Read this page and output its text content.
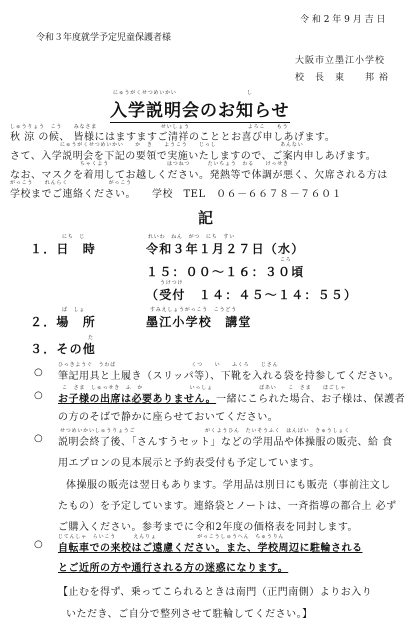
令 和 2 年 9 月 吉 日
令和３年度就学予定児童保護者様
大阪市立墨江小学校
校　長　東　　邦 裕
にゅうがくせつめいかい	し
入学説明会のお知らせ
しゅうりょう　こう　　みなさま　　　　　　　　　　　せいしょう　　　　　　　　　　よろこ　　もう
秋 涼 の候、 皆様にはますますご清祥のこととお喜び申しあげます。
にゅうがくせつめいかい　　か　き　　ようこう　　じっし　　　　　　　　　　　あんない
さて、入学説明会を下記の要領で実施いたしますので、ご案内申しあげます。
ちゃくよう　　　　　　　　　　はつねつ　　　たいちょう　わる　　けっせき
なお、マスクを着用してお越しください。発熱等で体調が悪く、欠席される方は
がっこう　　れんらく　　　　　　　がっこう
学校までご連絡ください。　　学校　TEL　０６－６６７８－７６０１
記
にち　じ
１．日　時
れいわ　ねん　がつ　にち　すい
令和３年１月２７日（水）
ころ
１５：００～１６：３０頃
うけつけ
（受付　１４：４５～１４：５５）
ば　しょ
２．場　所
すみえしょうがっこう　こうどう
墨江小学校　講堂
た
３．その他
ひっきようぐ　うわば　　　　　　　　　　　　　くつ　　い　　ふくろ　　じさん
○ 筆記用具と上履き（スリッパ等）、下靴を入れる袋を持参してください。
こ　さま　しゅっせき　ふ　か　　　　　　　　いっしょ　　　　　　　　ばあい　　こ　さま　　ほごしゃ
○ お子様の出席は必要ありません。一緒にこられた場合、お子様は、保護者
の方のそばで静かに座らせておいてください。
せつめいかいしゅうりょうご　　　　　　　　　　　　がくようひん　たいそうふく　はんばい　きゅうしょく
○ 説明会終了後、「さんすうセット」などの学用品や体操服の販売、給 食
用エプロンの見本展示と予約表受付も予定しています。
体操服の販売は翌日もあります。学用品は別日にも販売（事前注文し
たもの）を予定しています。連絡袋とノートは、一斉指導の都合上 必ず
ご購入ください。参考までに令和2年度の価格表を同封します。
じてんしゃ　らいこう　　　えんりょ　　　　　　　がっこうしゅうへん　ちゅうりん
○ 自転車での来校はご遠慮ください。また、学校周辺に駐輪される
とご近所の方や通行される方の迷惑になります。
【止むを得ず、乗ってこられるときは南門（正門南側）よりお入り
いただき、ご自分で整列させて駐輪してください。】
